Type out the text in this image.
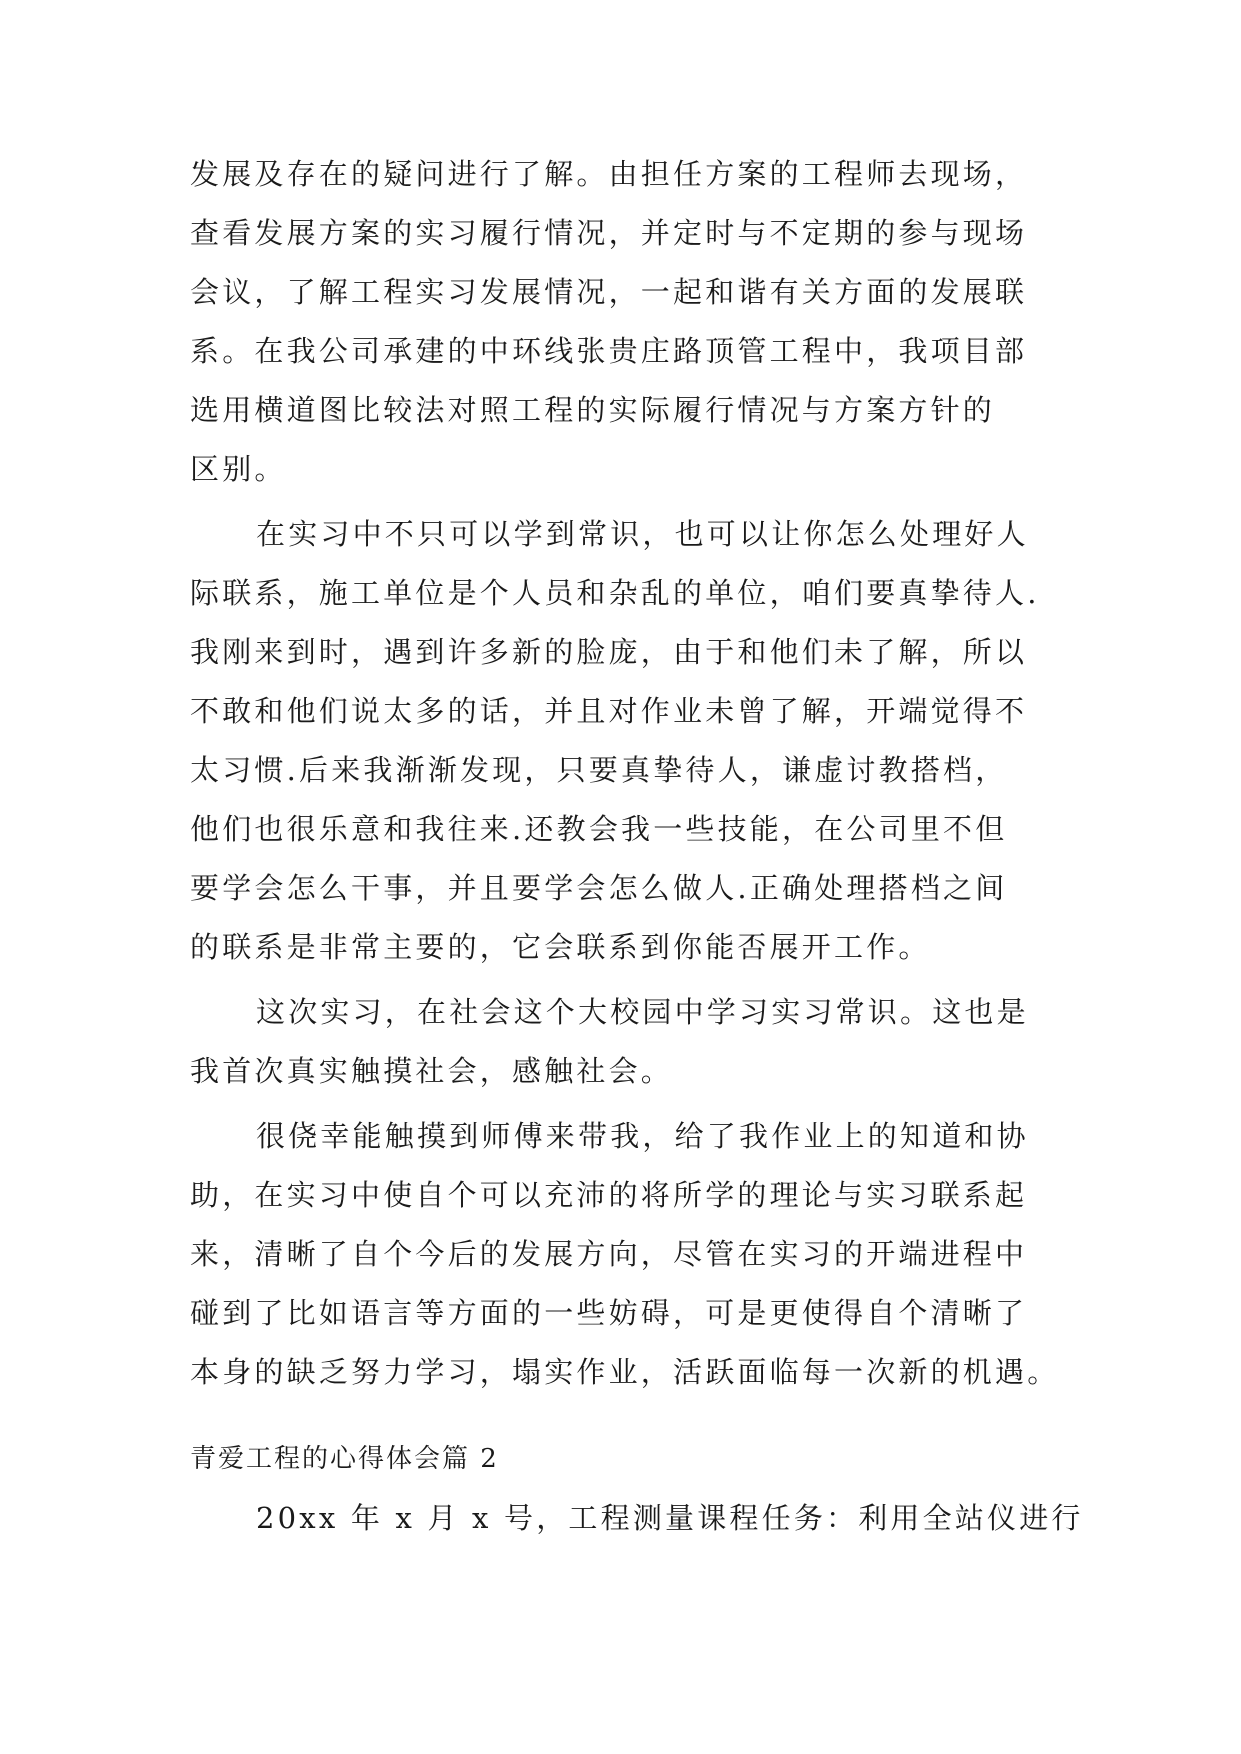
发展及存在的疑问进行了解。由担任方案的工程师去现场，
查看发展方案的实习履行情况，并定时与不定期的参与现场
会议，了解工程实习发展情况，一起和谐有关方面的发展联
系。在我公司承建的中环线张贵庄路顶管工程中，我项目部
选用横道图比较法对照工程的实际履行情况与方案方针的
区别。
在实习中不只可以学到常识，也可以让你怎么处理好人
际联系，施工单位是个人员和杂乱的单位，咱们要真挚待人.
我刚来到时，遇到许多新的脸庞，由于和他们未了解，所以
不敢和他们说太多的话，并且对作业未曾了解，开端觉得不
太习惯.后来我渐渐发现，只要真挚待人，谦虚讨教搭档，
他们也很乐意和我往来.还教会我一些技能，在公司里不但
要学会怎么干事，并且要学会怎么做人.正确处理搭档之间
的联系是非常主要的，它会联系到你能否展开工作。
这次实习，在社会这个大校园中学习实习常识。这也是
我首次真实触摸社会，感触社会。
很侥幸能触摸到师傅来带我，给了我作业上的知道和协
助，在实习中使自个可以充沛的将所学的理论与实习联系起
来，清晰了自个今后的发展方向，尽管在实习的开端进程中
碰到了比如语言等方面的一些妨碍，可是更使得自个清晰了
本身的缺乏努力学习，塌实作业，活跃面临每一次新的机遇。
青爱工程的心得体会篇 2
20xx 年 x 月 x 号，工程测量课程任务：利用全站仪进行
